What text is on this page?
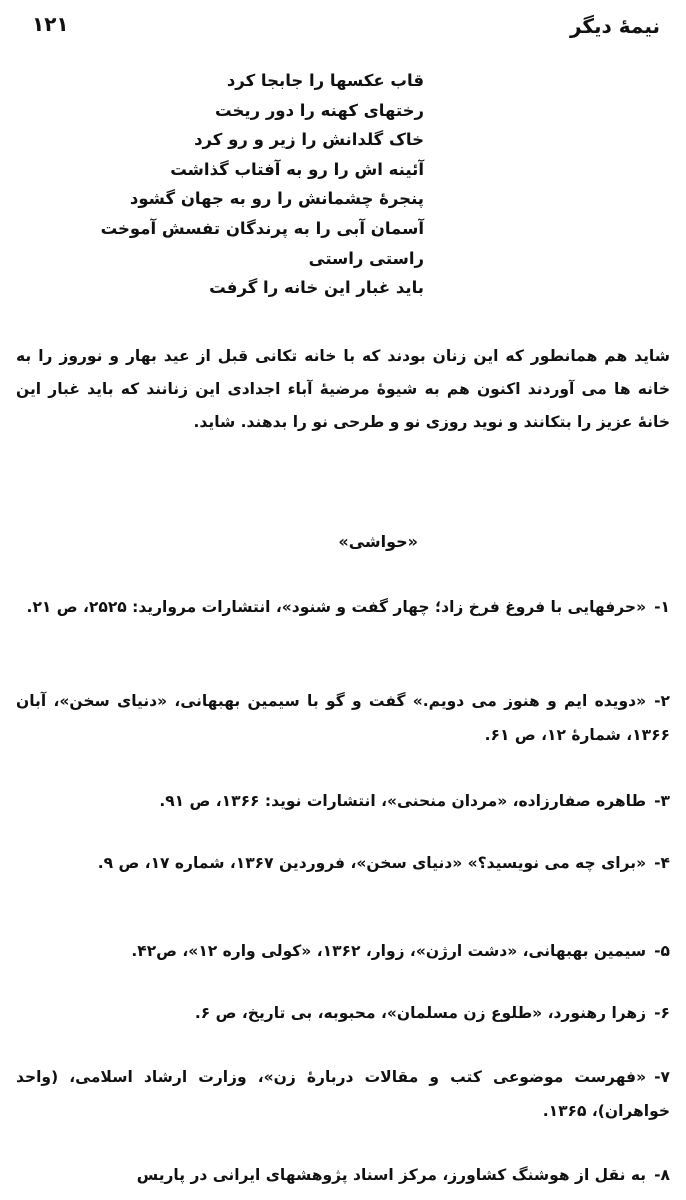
نیمهٔ دیگر
۱۲۱
قاب عکسها را جابجا کرد
رختهای کهنه را دور ریخت
خاک گلدانش را زیر و رو کرد
آئینه اش را رو به آفتاب گذاشت
پنجرهٔ چشمانش را رو به جهان گشود
آسمان آبی را به پرندگان تفسش آموخت
راستی راستی
باید غبار این خانه را گرفت

شاید هم همانطور که این زنان بودند که با خانه تکانی قبل از عید بهار و نوروز را به خانه ها می آوردند اکنون هم به شیوهٔ مرضیهٔ آباء اجدادی این زنانند که باید غبار این خانهٔ عزیز را بتکانند و نوید روزی نو و طرحی نو را بدهند. شاید.

«حواشی»
۱-«حرفهایی با فروغ فرخ زاد؛ چهار گفت و شنود»، انتشارات مروارید: ۲۵۲۵، ص ۲۱.
۲-«دویده ایم و هنوز می دویم.» گفت و گو با سیمین بهبهانی، «دنیای سخن»، آبان ۱۳۶۶، شمارهٔ ۱۲، ص ۶۱.
۳-طاهره صفارزاده، «مردان منحنی»، انتشارات نوید: ۱۳۶۶، ص ۹۱.
۴-«برای چه می نویسید؟» «دنیای سخن»، فروردین ۱۳۶۷، شماره ۱۷، ص ۹.
۵-سیمین بهبهانی، «دشت ارژن»، زوار، ۱۳۶۲، «کولی واره ۱۲»، ص۴۲.
۶-زهرا رهنورد، «طلوع زن مسلمان»، محبوبه، بی تاریخ، ص ۶.
۷-«فهرست موضوعی کتب و مقالات دربارهٔ زن»، وزارت ارشاد اسلامی، (واحد خواهران)، ۱۳۶۵.
۸-به نقل از هوشنگ کشاورز، مرکز اسناد پژوهشهای ایرانی در پاریس
